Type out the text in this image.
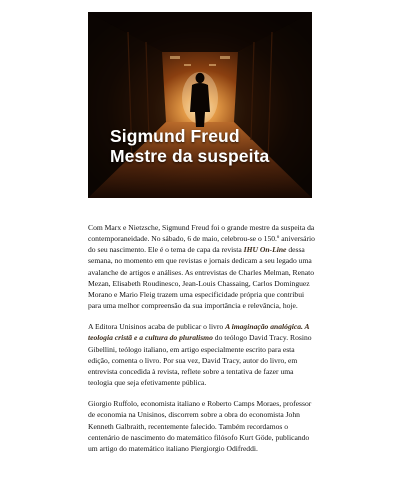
Sigmund Freud
Mestre da suspeita

Com Marx e Nietzsche, Sigmund Freud foi o grande mestre da suspeita da contemporaneidade. No sábado, 6 de maio, celebrou-se o 150.º aniversário do seu nascimento. Ele é o tema de capa da revista IHU On-Line dessa semana, no momento em que revistas e jornais dedicam a seu legado uma avalanche de artigos e análises. As entrevistas de Charles Melman, Renato Mezan, Elisabeth Roudinesco, Jean-Louis Chassaing, Carlos Dominguez Morano e Mario Fleig trazem uma especificidade própria que contribui para uma melhor compreensão da sua importância e relevância, hoje.

A Editora Unisinos acaba de publicar o livro A imaginação analógica. A teologia cristã e a cultura do pluralismo do teólogo David Tracy. Rosino Gibellini, teólogo italiano, em artigo especialmente escrito para esta edição, comenta o livro. Por sua vez, David Tracy, autor do livro, em entrevista concedida à revista, reflete sobre a tentativa de fazer uma teologia que seja efetivamente pública.

Giorgio Ruffolo, economista italiano e Roberto Camps Moraes, professor de economia na Unisinos, discorrem sobre a obra do economista John Kenneth Galbraith, recentemente falecido. Também recordamos o centenário de nascimento do matemático filósofo Kurt Göde, publicando um artigo do matemático italiano Piergiorgio Odifreddi.
